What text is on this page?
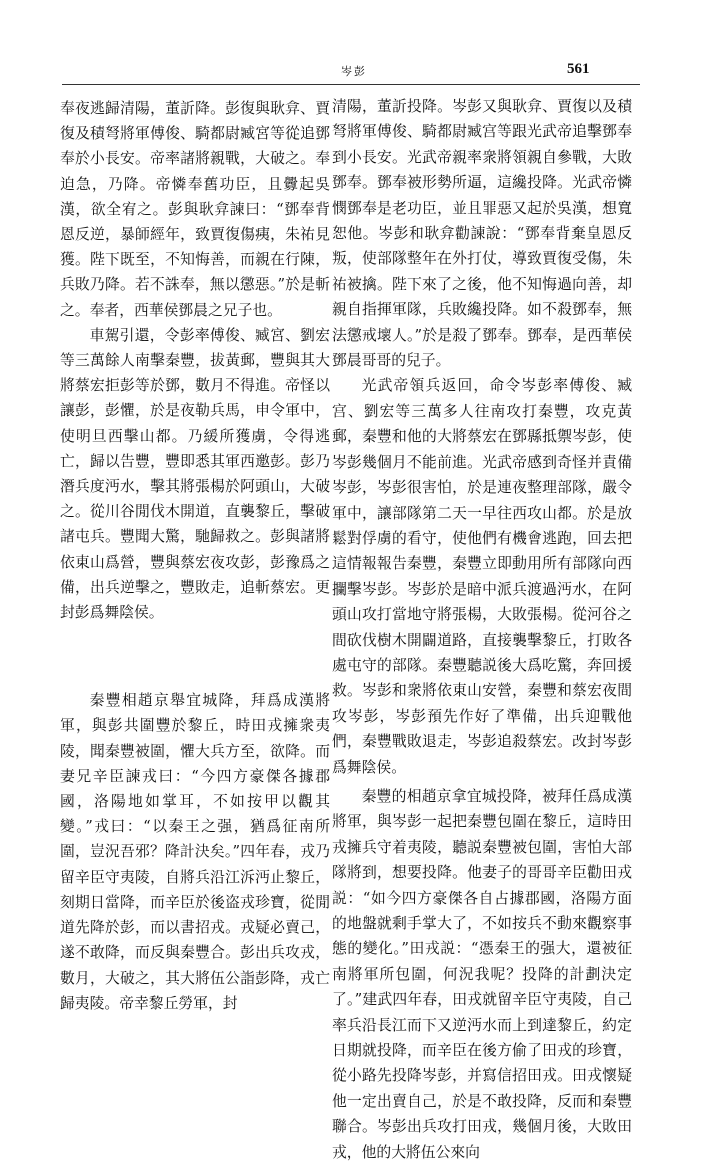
岑彭	561

奉夜逃歸清陽，董訢降。彭復與耿弇、賈復及積弩將軍傅俊、騎都尉臧宮等從追鄧奉於小長安。帝率諸將親戰，大破之。奉迫急，乃降。帝憐奉舊功臣，且釁起吳漢，欲全宥之。彭與耿弇諫曰：“鄧奉背恩反逆，暴師經年，致賈復傷痍，朱祐見獲。陛下既至，不知悔善，而親在行陳，兵敗乃降。若不誅奉，無以懲惡。”於是斬之。奉者，西華侯鄧晨之兄子也。

車駕引還，令彭率傅俊、臧宮、劉宏等三萬餘人南擊秦豐，拔黃郵，豐與其大將蔡宏拒彭等於鄧，數月不得進。帝怪以讓彭，彭懼，於是夜勒兵馬，申令軍中，使明旦西擊山都。乃緩所獲虜，令得逃亡，歸以告豐，豐即悉其軍西邀彭。彭乃潛兵度沔水，擊其將張楊於阿頭山，大破之。從川谷閒伐木開道，直襲黎丘，擊破諸屯兵。豐聞大驚，馳歸救之。彭與諸將依東山爲營，豐與蔡宏夜攻彭，彭豫爲之備，出兵逆擊之，豐敗走，追斬蔡宏。更封彭爲舞陰侯。

秦豐相趙京舉宜城降，拜爲成漢將軍，與彭共圍豐於黎丘，時田戎擁衆夷陵，聞秦豐被圍，懼大兵方至，欲降。而妻兄辛臣諫戎曰：“今四方豪傑各據郡國，洛陽地如掌耳，不如按甲以觀其變。”戎曰：“以秦王之强，猶爲征南所圍，豈況吾邪？降計決矣。”四年春，戎乃留辛臣守夷陵，自將兵沿江泝沔止黎丘，刻期日當降，而辛臣於後盗戎珍寶，從閒道先降於彭，而以書招戎。戎疑必賣己，遂不敢降，而反與秦豐合。彭出兵攻戎，數月，大破之，其大將伍公詣彭降，戎亡歸夷陵。帝幸黎丘勞軍，封

清陽，董訢投降。岑彭又與耿弇、賈復以及積弩將軍傅俊、騎都尉臧宫等跟光武帝追擊鄧奉到小長安。光武帝親率衆將領親自參戰，大敗鄧奉。鄧奉被形勢所逼，這纔投降。光武帝憐憫鄧奉是老功臣，並且罪惡又起於吳漢，想寬恕他。岑彭和耿弇勸諫說：“鄧奉背棄皇恩反叛，使部隊整年在外打仗，導致賈復受傷，朱祐被擒。陛下來了之後，他不知悔過向善，却親自指揮軍隊，兵敗纔投降。如不殺鄧奉，無法懲戒壞人。”於是殺了鄧奉。鄧奉，是西華侯鄧晨哥哥的兒子。

光武帝領兵返回，命令岑彭率傅俊、臧宫、劉宏等三萬多人往南攻打秦豐，攻克黃郵，秦豐和他的大將蔡宏在鄧縣抵禦岑彭，使岑彭幾個月不能前進。光武帝感到奇怪并責備岑彭，岑彭很害怕，於是連夜整理部隊，嚴令軍中，讓部隊第二天一早往西攻山都。於是放鬆對俘虜的看守，使他們有機會逃跑，回去把這情報報告秦豐，秦豐立即動用所有部隊向西攔擊岑彭。岑彭於是暗中派兵渡過沔水，在阿頭山攻打當地守將張楊，大敗張楊。從河谷之間砍伐樹木開闢道路，直接襲擊黎丘，打敗各處屯守的部隊。秦豐聽説後大爲吃驚，奔回援救。岑彭和衆將依東山安營，秦豐和蔡宏夜間攻岑彭，岑彭預先作好了準備，出兵迎戰他們，秦豐戰敗退走，岑彭追殺蔡宏。改封岑彭爲舞陰侯。

秦豐的相趙京拿宜城投降，被拜任爲成漢將軍，與岑彭一起把秦豐包圍在黎丘，這時田戎擁兵守着夷陵，聽説秦豐被包圍，害怕大部隊將到，想要投降。他妻子的哥哥辛臣勸田戎説：“如今四方豪傑各自占據郡國，洛陽方面的地盤就剩手掌大了，不如按兵不動來觀察事態的變化。”田戎説：“憑秦王的强大，還被征南將軍所包圍，何況我呢？投降的計劃決定了。”建武四年春，田戎就留辛臣守夷陵，自己率兵沿長江而下又逆沔水而上到達黎丘，約定日期就投降，而辛臣在後方偷了田戎的珍寶，從小路先投降岑彭，并寫信招田戎。田戎懷疑他一定出賣自己，於是不敢投降，反而和秦豐聯合。岑彭出兵攻打田戎，幾個月後，大敗田戎，他的大將伍公來向
